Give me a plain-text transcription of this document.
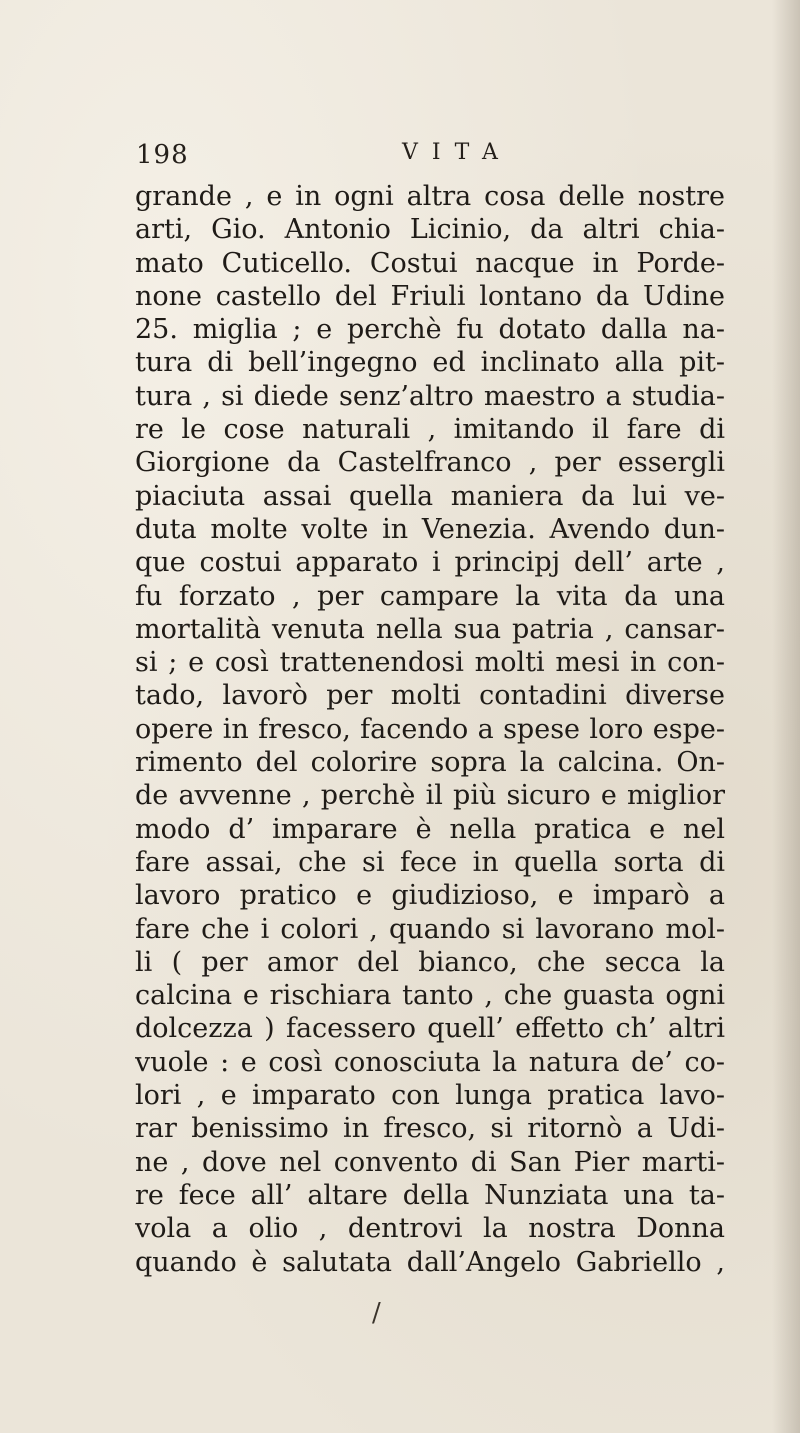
198	VITA
grande , e in ogni altra cosa delle nostre
arti, Gio. Antonio Licinio, da altri chia-
mato Cuticello. Costui nacque in Porde-
none castello del Friuli lontano da Udine
25. miglia ; e perchè fu dotato dalla na-
tura di bell’ingegno ed inclinato alla pit-
tura , si diede senz’altro maestro a studia-
re le cose naturali , imitando il fare di
Giorgione da Castelfranco , per essergli
piaciuta assai quella maniera da lui ve-
duta molte volte in Venezia. Avendo dun-
que costui apparato i principj dell’ arte ,
fu forzato , per campare la vita da una
mortalità venuta nella sua patria , cansar-
si ; e così trattenendosi molti mesi in con-
tado, lavorò per molti contadini diverse
opere in fresco, facendo a spese loro espe-
rimento del colorire sopra la calcina. On-
de avvenne , perchè il più sicuro e miglior
modo d’ imparare è nella pratica e nel
fare assai, che si fece in quella sorta di
lavoro pratico e giudizioso, e imparò a
fare che i colori , quando si lavorano mol-
li ( per amor del bianco, che secca la
calcina e rischiara tanto , che guasta ogni
dolcezza ) facessero quell’ effetto ch’ altri
vuole : e così conosciuta la natura de’ co-
lori , e imparato con lunga pratica lavo-
rar benissimo in fresco, si ritornò a Udi-
ne , dove nel convento di San Pier marti-
re fece all’ altare della Nunziata una ta-
vola a olio , dentrovi la nostra Donna
quando è salutata dall’Angelo Gabriello ,
/
